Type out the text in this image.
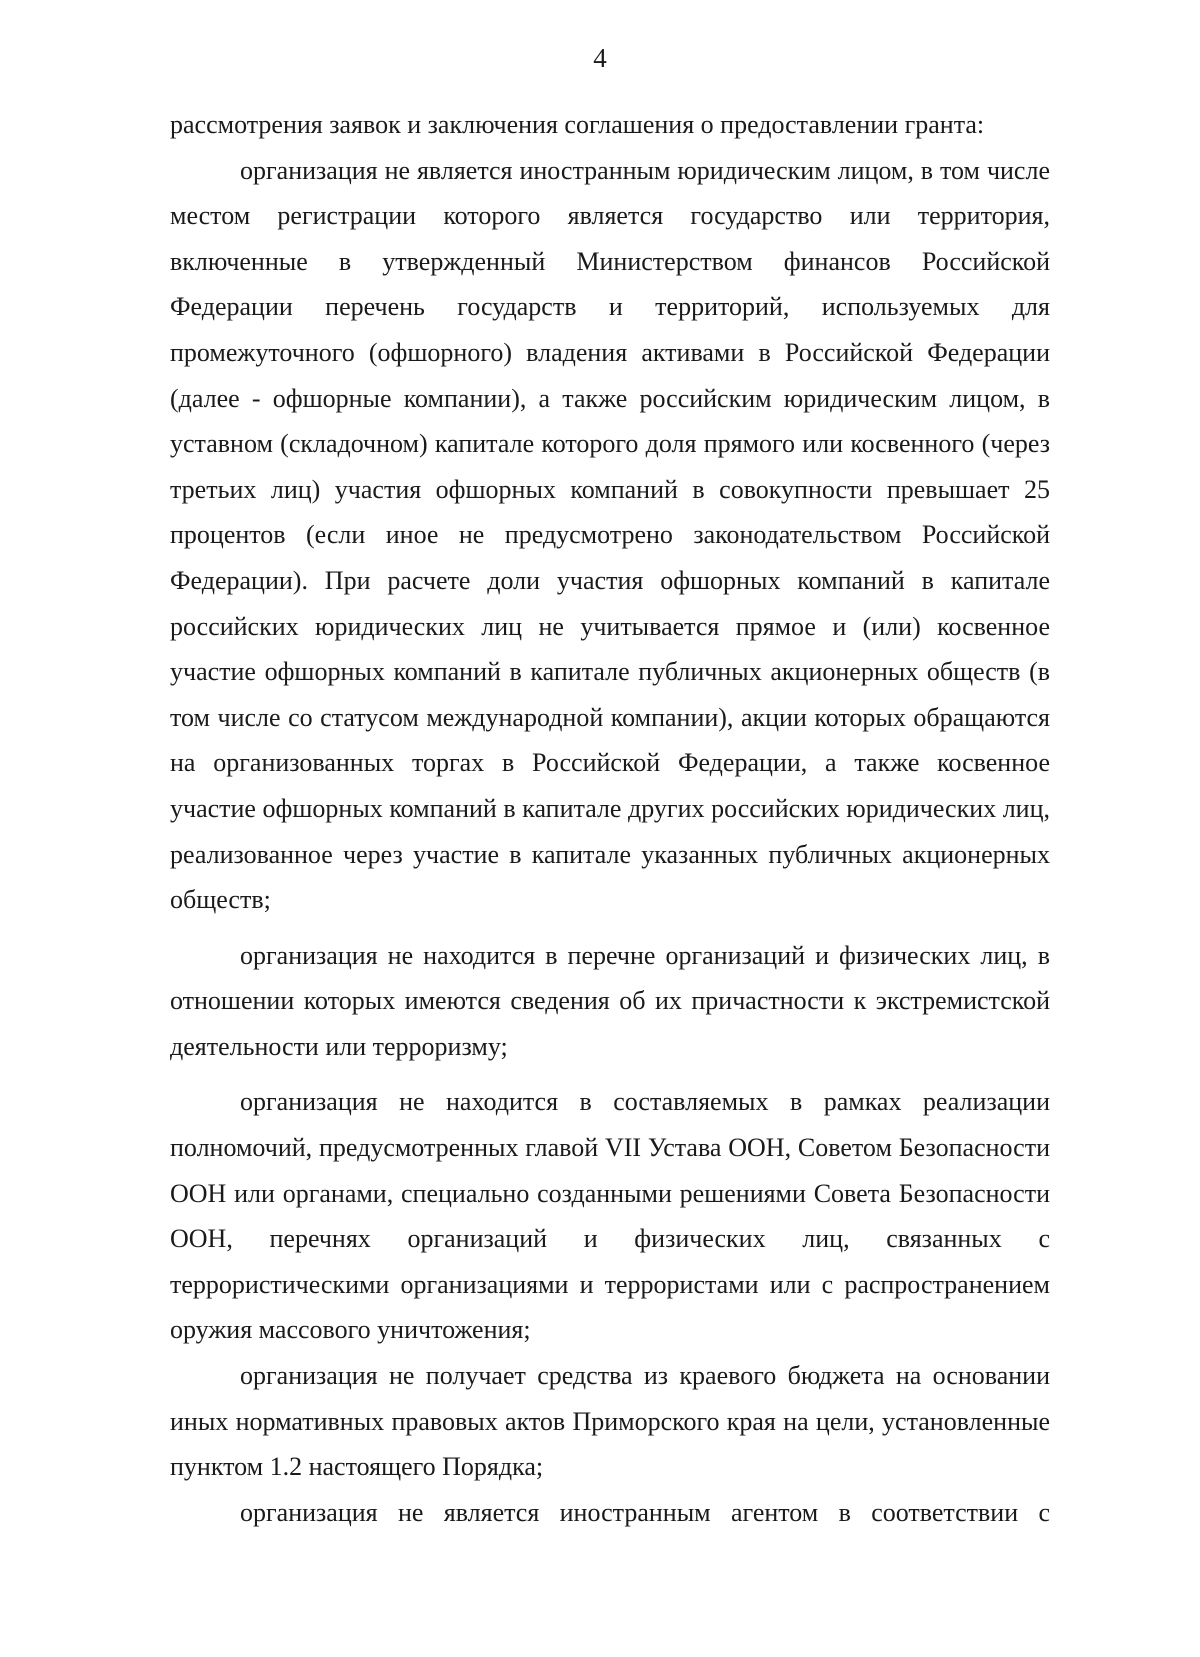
4

рассмотрения заявок и заключения соглашения о предоставлении гранта:

организация не является иностранным юридическим лицом, в том числе местом регистрации которого является государство или территория, включенные в утвержденный Министерством финансов Российской Федерации перечень государств и территорий, используемых для промежуточного (офшорного) владения активами в Российской Федерации (далее - офшорные компании), а также российским юридическим лицом, в уставном (складочном) капитале которого доля прямого или косвенного (через третьих лиц) участия офшорных компаний в совокупности превышает 25 процентов (если иное не предусмотрено законодательством Российской Федерации). При расчете доли участия офшорных компаний в капитале российских юридических лиц не учитывается прямое и (или) косвенное участие офшорных компаний в капитале публичных акционерных обществ (в том числе со статусом международной компании), акции которых обращаются на организованных торгах в Российской Федерации, а также косвенное участие офшорных компаний в капитале других российских юридических лиц, реализованное через участие в капитале указанных публичных акционерных обществ;

организация не находится в перечне организаций и физических лиц, в отношении которых имеются сведения об их причастности к экстремистской деятельности или терроризму;

организация не находится в составляемых в рамках реализации полномочий, предусмотренных главой VII Устава ООН, Советом Безопасности ООН или органами, специально созданными решениями Совета Безопасности ООН, перечнях организаций и физических лиц, связанных с террористическими организациями и террористами или с распространением оружия массового уничтожения;

организация не получает средства из краевого бюджета на основании иных нормативных правовых актов Приморского края на цели, установленные пунктом 1.2 настоящего Порядка;

организация не является иностранным агентом в соответствии с
